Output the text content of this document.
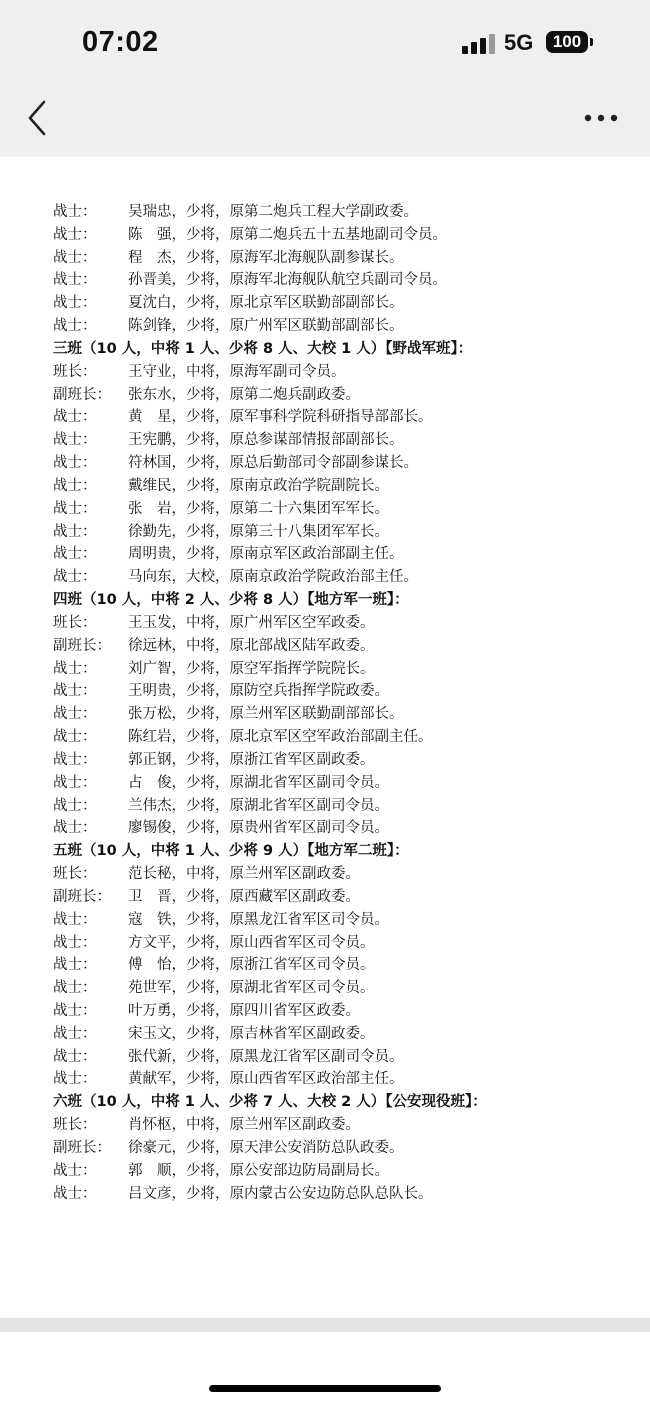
07:02	5G	100
战士： 吴瑞忠，少将，原第二炮兵工程大学副政委。
战士： 陈　强，少将，原第二炮兵五十五基地副司令员。
战士： 程　杰，少将，原海军北海舰队副参谋长。
战士： 孙晋美，少将，原海军北海舰队航空兵副司令员。
战士： 夏沈白，少将，原北京军区联勤部副部长。
战士： 陈剑锋，少将，原广州军区联勤部副部长。
三班（10 人，中将 1 人、少将 8 人、大校 1 人）【野战军班】：
班长： 王守业，中将，原海军副司令员。
副班长： 张东水，少将，原第二炮兵副政委。
战士： 黄　星，少将，原军事科学院科研指导部部长。
战士： 王宪鹏，少将，原总参谋部情报部副部长。
战士： 符林国，少将，原总后勤部司令部副参谋长。
战士： 戴维民，少将，原南京政治学院副院长。
战士： 张　岩，少将，原第二十六集团军军长。
战士： 徐勤先，少将，原第三十八集团军军长。
战士： 周明贵，少将，原南京军区政治部副主任。
战士： 马向东，大校，原南京政治学院政治部主任。
四班（10 人，中将 2 人、少将 8 人）【地方军一班】：
班长： 王玉发，中将，原广州军区空军政委。
副班长： 徐远林，中将，原北部战区陆军政委。
战士： 刘广智，少将，原空军指挥学院院长。
战士： 王明贵，少将，原防空兵指挥学院政委。
战士： 张万松，少将，原兰州军区联勤副部部长。
战士： 陈红岩，少将，原北京军区空军政治部副主任。
战士： 郭正钢，少将，原浙江省军区副政委。
战士： 占　俊，少将，原湖北省军区副司令员。
战士： 兰伟杰，少将，原湖北省军区副司令员。
战士： 廖锡俊，少将，原贵州省军区副司令员。
五班（10 人，中将 1 人、少将 9 人）【地方军二班】：
班长： 范长秘，中将，原兰州军区副政委。
副班长： 卫　晋，少将，原西藏军区副政委。
战士： 寇　铁，少将，原黑龙江省军区司令员。
战士： 方文平，少将，原山西省军区司令员。
战士： 傅　怡，少将，原浙江省军区司令员。
战士： 苑世军，少将，原湖北省军区司令员。
战士： 叶万勇，少将，原四川省军区政委。
战士： 宋玉文，少将，原吉林省军区副政委。
战士： 张代新，少将，原黑龙江省军区副司令员。
战士： 黄献军，少将，原山西省军区政治部主任。
六班（10 人，中将 1 人、少将 7 人、大校 2 人）【公安现役班】：
班长： 肖怀枢，中将，原兰州军区副政委。
副班长： 徐豪元，少将，原天津公安消防总队政委。
战士： 郭　顺，少将，原公安部边防局副局长。
战士： 吕文彦，少将，原内蒙古公安边防总队总队长。
